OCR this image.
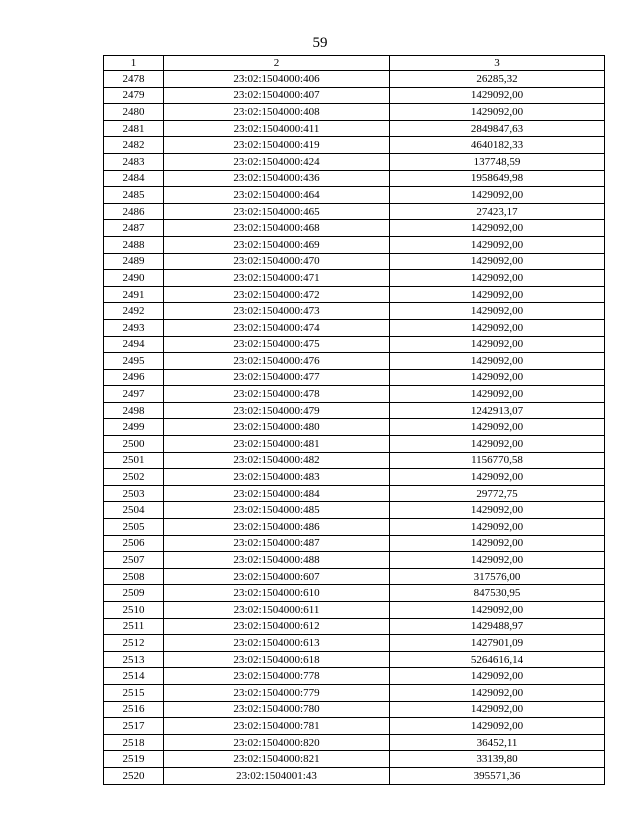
59
1	2	3
2478	23:02:1504000:406	26285,32
2479	23:02:1504000:407	1429092,00
2480	23:02:1504000:408	1429092,00
2481	23:02:1504000:411	2849847,63
2482	23:02:1504000:419	4640182,33
2483	23:02:1504000:424	137748,59
2484	23:02:1504000:436	1958649,98
2485	23:02:1504000:464	1429092,00
2486	23:02:1504000:465	27423,17
2487	23:02:1504000:468	1429092,00
2488	23:02:1504000:469	1429092,00
2489	23:02:1504000:470	1429092,00
2490	23:02:1504000:471	1429092,00
2491	23:02:1504000:472	1429092,00
2492	23:02:1504000:473	1429092,00
2493	23:02:1504000:474	1429092,00
2494	23:02:1504000:475	1429092,00
2495	23:02:1504000:476	1429092,00
2496	23:02:1504000:477	1429092,00
2497	23:02:1504000:478	1429092,00
2498	23:02:1504000:479	1242913,07
2499	23:02:1504000:480	1429092,00
2500	23:02:1504000:481	1429092,00
2501	23:02:1504000:482	1156770,58
2502	23:02:1504000:483	1429092,00
2503	23:02:1504000:484	29772,75
2504	23:02:1504000:485	1429092,00
2505	23:02:1504000:486	1429092,00
2506	23:02:1504000:487	1429092,00
2507	23:02:1504000:488	1429092,00
2508	23:02:1504000:607	317576,00
2509	23:02:1504000:610	847530,95
2510	23:02:1504000:611	1429092,00
2511	23:02:1504000:612	1429488,97
2512	23:02:1504000:613	1427901,09
2513	23:02:1504000:618	5264616,14
2514	23:02:1504000:778	1429092,00
2515	23:02:1504000:779	1429092,00
2516	23:02:1504000:780	1429092,00
2517	23:02:1504000:781	1429092,00
2518	23:02:1504000:820	36452,11
2519	23:02:1504000:821	33139,80
2520	23:02:1504001:43	395571,36
